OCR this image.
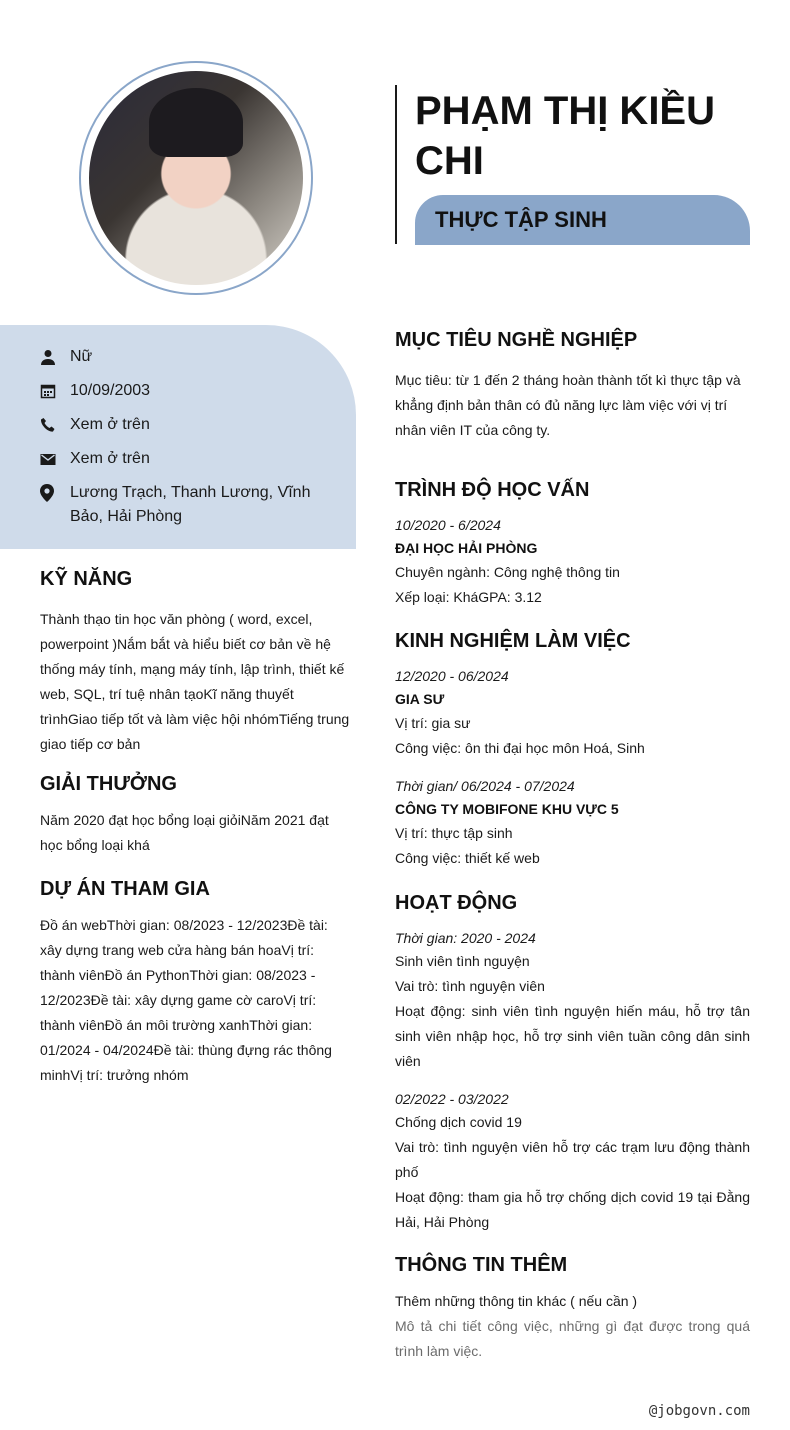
PHẠM THỊ KIỀU CHI
THỰC TẬP SINH
Nữ
10/09/2003
Xem ở trên
Xem ở trên
Lương Trạch, Thanh Lương, Vĩnh Bảo, Hải Phòng
KỸ NĂNG

Thành thạo tin học văn phòng ( word, excel, powerpoint )Nắm bắt và hiểu biết cơ bản về hệ thống máy tính, mạng máy tính, lập trình, thiết kế web, SQL, trí tuệ nhân tạoKĩ năng thuyết trìnhGiao tiếp tốt và làm việc hội nhómTiếng trung giao tiếp cơ bản

GIẢI THƯỞNG

Năm 2020 đạt học bổng loại giỏiNăm 2021 đạt học bổng loại khá

DỰ ÁN THAM GIA

Đồ án webThời gian: 08/2023 - 12/2023Đề tài: xây dựng trang web cửa hàng bán hoaVị trí: thành viênĐồ án PythonThời gian: 08/2023 - 12/2023Đề tài: xây dựng game cờ caroVị trí: thành viênĐồ án môi trường xanhThời gian: 01/2024 - 04/2024Đề tài: thùng đựng rác thông minhVị trí: trưởng nhóm

MỤC TIÊU NGHỀ NGHIỆP

Mục tiêu: từ 1 đến 2 tháng hoàn thành tốt kì thực tập và khẳng định bản thân có đủ năng lực làm việc với vị trí nhân viên IT của công ty.

TRÌNH ĐỘ HỌC VẤN
10/2020 - 6/2024
ĐẠI HỌC HẢI PHÒNG
Chuyên ngành: Công nghệ thông tin
Xếp loại: KháGPA: 3.12
KINH NGHIỆM LÀM VIỆC
12/2020 - 06/2024
GIA SƯ
Vị trí: gia sư
Công việc: ôn thi đại học môn Hoá, Sinh
Thời gian/ 06/2024 - 07/2024
CÔNG TY MOBIFONE KHU VỰC 5
Vị trí: thực tập sinh
Công việc: thiết kế web
HOẠT ĐỘNG
Thời gian: 2020 - 2024
Sinh viên tình nguyện
Vai trò: tình nguyện viên
Hoạt động: sinh viên tình nguyện hiến máu, hỗ trợ tân sinh viên nhập học, hỗ trợ sinh viên tuần công dân sinh viên
02/2022 - 03/2022
Chống dịch covid 19
Vai trò: tình nguyện viên hỗ trợ các trạm lưu động thành phố
Hoạt động: tham gia hỗ trợ chống dịch covid 19 tại Đằng Hải, Hải Phòng
THÔNG TIN THÊM

Thêm những thông tin khác ( nếu cần )

Mô tả chi tiết công việc, những gì đạt được trong quá trình làm việc.

@jobgovn.com
